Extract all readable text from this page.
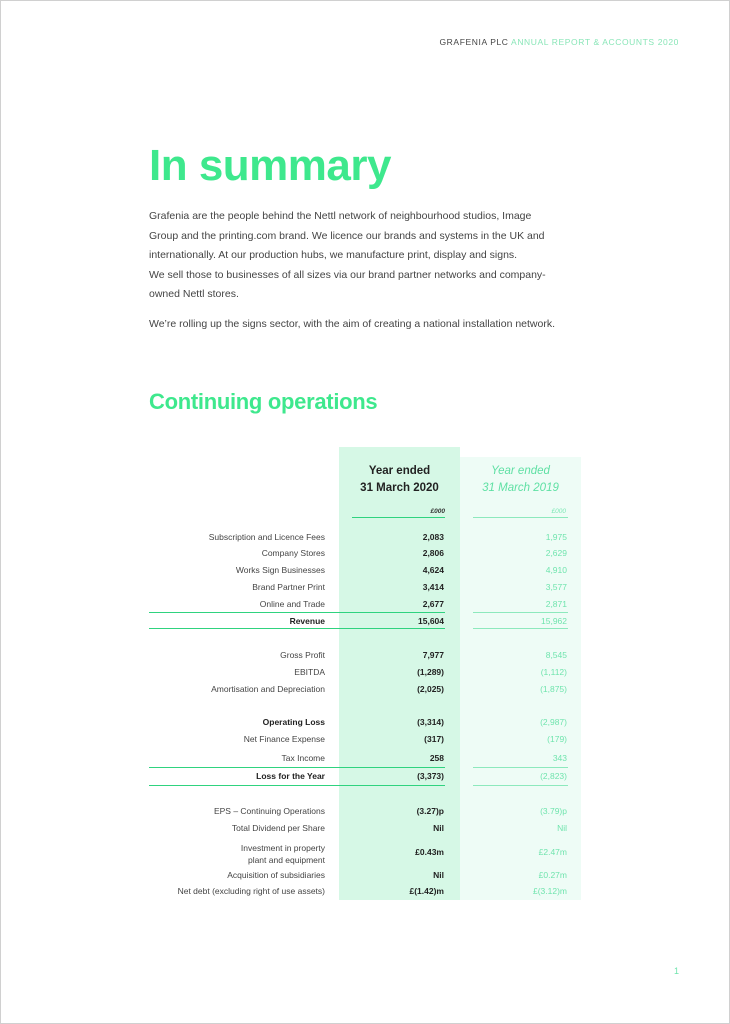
GRAFENIA PLC ANNUAL REPORT & ACCOUNTS 2020
In summary

Grafenia are the people behind the Nettl network of neighbourhood studios, Image
Group and the printing.com brand. We licence our brands and systems in the UK and
internationally. At our production hubs, we manufacture print, display and signs.
We sell those to businesses of all sizes via our brand partner networks and company-
owned Nettl stores.

We’re rolling up the signs sector, with the aim of creating a national installation network.

Continuing operations
Year ended
31 March 2020
Year ended
31 March 2019
£000	£000
Subscription and Licence Fees	2,083	1,975
Company Stores	2,806	2,629
Works Sign Businesses	4,624	4,910
Brand Partner Print	3,414	3,577
Online and Trade	2,677	2,871
Revenue	15,604	15,962
Gross Profit	7,977	8,545
EBITDA	(1,289)	(1,112)
Amortisation and Depreciation	(2,025)	(1,875)
Operating Loss	(3,314)	(2,987)
Net Finance Expense	(317)	(179)
Tax Income	258	343
Loss for the Year	(3,373)	(2,823)
EPS – Continuing Operations	(3.27)p	(3.79)p
Total Dividend per Share	Nil	Nil
Investment in property
plant and equipment
£0.43m	£2.47m
Acquisition of subsidiaries	Nil	£0.27m
Net debt (excluding right of use assets)	£(1.42)m	£(3.12)m
1
